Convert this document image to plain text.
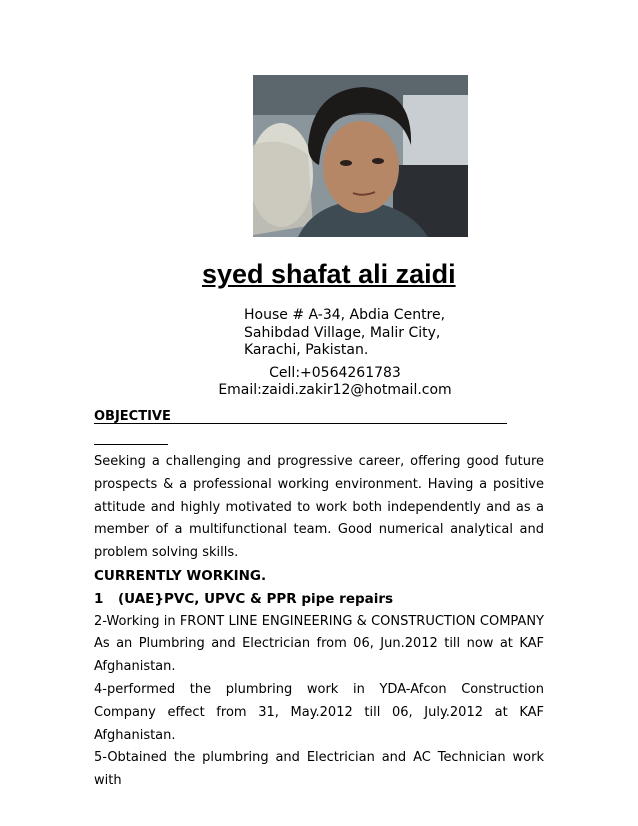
syed shafat ali zaidi
House # A-34, Abdia Centre,
Sahibdad Village, Malir City,
Karachi, Pakistan.
Cell:+0564261783
Email:zaidi.zakir12@hotmail.com
OBJECTIVE

Seeking a challenging and progressive career, offering good future prospects & a professional working environment. Having a positive attitude and highly motivated to work both independently and as a member of a multifunctional team. Good numerical analytical and problem solving skills.

CURRENTLY WORKING.

1 (UAE}PVC, UPVC & PPR pipe repairs

2-Working in FRONT LINE ENGINEERING & CONSTRUCTION COMPANY As an Plumbring and Electrician from 06, Jun.2012 till now at KAF Afghanistan.

4-performed the plumbring work in YDA-Afcon Construction Company effect from 31, May.2012 till 06, July.2012 at KAF Afghanistan.

5-Obtained the plumbring and Electrician and AC Technician work with
